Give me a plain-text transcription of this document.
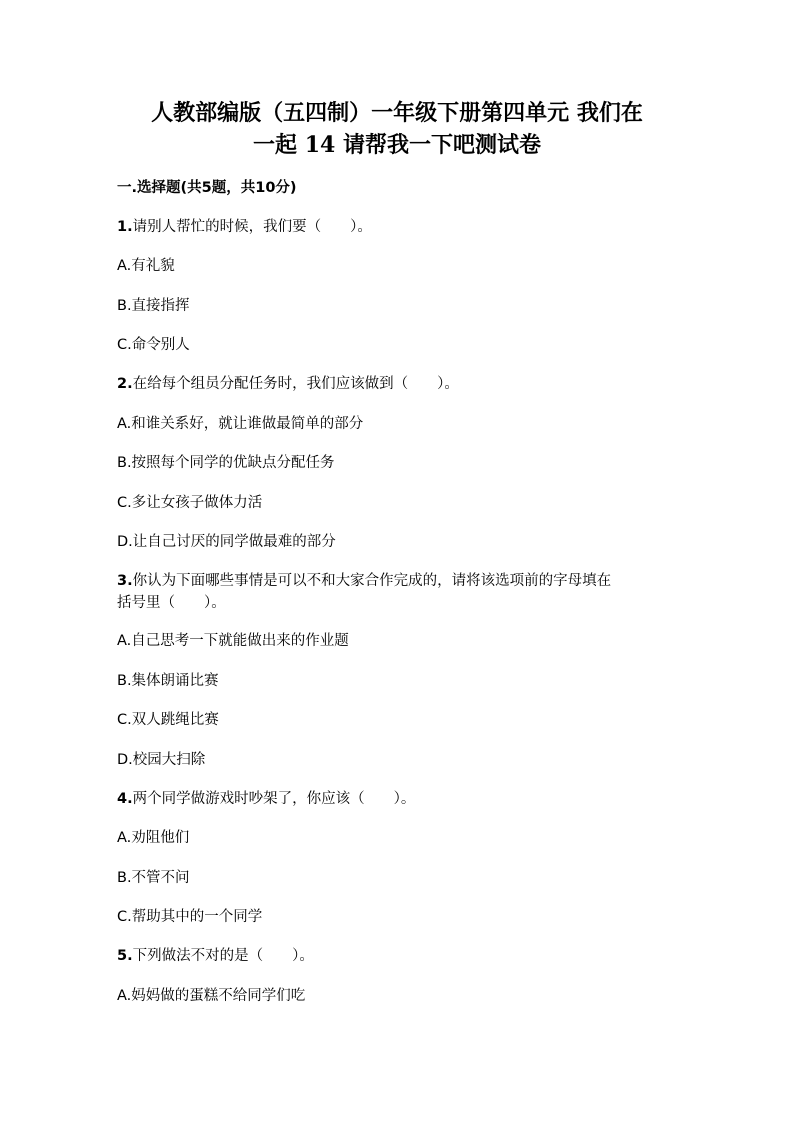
人教部编版（五四制）一年级下册第四单元 我们在
一起 14 请帮我一下吧测试卷
一.选择题(共5题，共10分)
1.请别人帮忙的时候，我们要（　　）。
A.有礼貌
B.直接指挥
C.命令别人
2.在给每个组员分配任务时，我们应该做到（　　）。
A.和谁关系好，就让谁做最简单的部分
B.按照每个同学的优缺点分配任务
C.多让女孩子做体力活
D.让自己讨厌的同学做最难的部分
3.你认为下面哪些事情是可以不和大家合作完成的，请将该选项前的字母填在
括号里（　　）。
A.自己思考一下就能做出来的作业题
B.集体朗诵比赛
C.双人跳绳比赛
D.校园大扫除
4.两个同学做游戏时吵架了，你应该（　　）。
A.劝阻他们
B.不管不问
C.帮助其中的一个同学
5.下列做法不对的是（　　）。
A.妈妈做的蛋糕不给同学们吃
